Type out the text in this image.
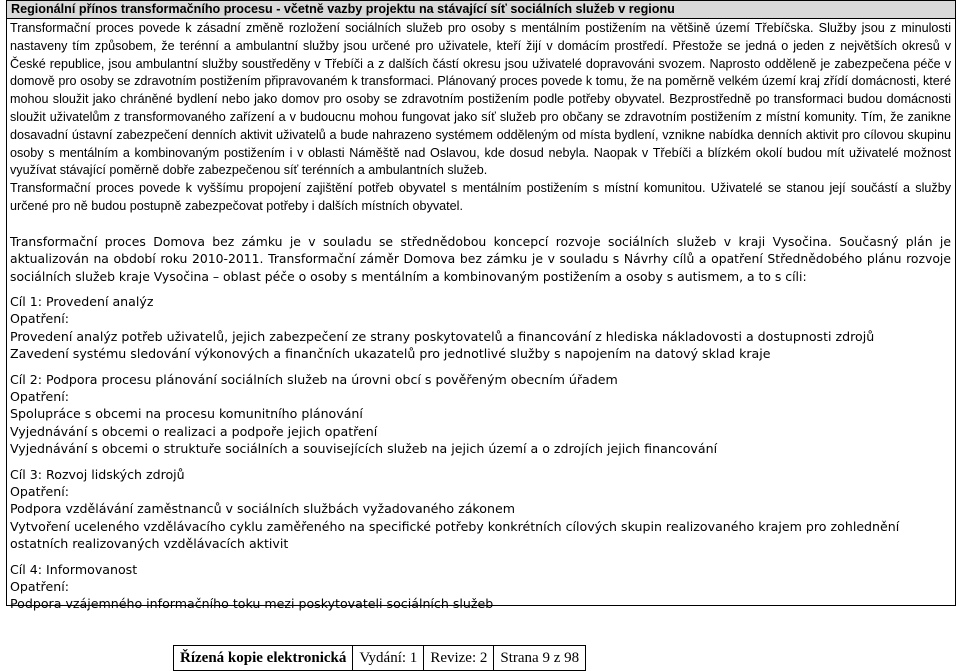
Regionální přínos transformačního procesu - včetně vazby projektu na stávající síť sociálních služeb v regionu

Transformační proces povede k zásadní změně rozložení sociálních služeb pro osoby s mentálním postižením na většině území Třebíčska. Služby jsou z minulosti nastaveny tím způsobem, že terénní a ambulantní služby jsou určené pro uživatele, kteří žijí v domácím prostředí. Přestože se jedná o jeden z největších okresů v České republice, jsou ambulantní služby soustředěny v Třebíči a z dalších částí okresu jsou uživatelé dopravováni svozem. Naprosto odděleně je zabezpečena péče v domově pro osoby se zdravotním postižením připravovaném k transformaci. Plánovaný proces povede k tomu, že na poměrně velkém území kraj zřídí domácnosti, které mohou sloužit jako chráněné bydlení nebo jako domov pro osoby se zdravotním postižením podle potřeby obyvatel. Bezprostředně po transformaci budou domácnosti sloužit uživatelům z transformovaného zařízení a v budoucnu mohou fungovat jako síť služeb pro občany se zdravotním postižením z místní komunity. Tím, že zanikne dosavadní ústavní zabezpečení denních aktivit uživatelů a bude nahrazeno systémem odděleným od místa bydlení, vznikne nabídka denních aktivit pro cílovou skupinu osoby s mentálním a kombinovaným postižením i v oblasti Náměště nad Oslavou, kde dosud nebyla. Naopak v Třebíči a blízkém okolí budou mít uživatelé možnost využívat stávající poměrně dobře zabezpečenou síť terénních a ambulantních služeb.

Transformační proces povede k vyššímu propojení zajištění potřeb obyvatel s mentálním postižením s místní komunitou. Uživatelé se stanou její součástí a služby určené pro ně budou postupně zabezpečovat potřeby i dalších místních obyvatel.

Transformační proces Domova bez zámku je v souladu se střednědobou koncepcí rozvoje sociálních služeb v kraji Vysočina. Současný plán je aktualizován na období roku 2010-2011. Transformační záměr Domova bez zámku je v souladu s Návrhy cílů a opatření Střednědobého plánu rozvoje sociálních služeb kraje Vysočina – oblast péče o osoby s mentálním a kombinovaným postižením a osoby s autismem, a to s cíli:

Cíl 1: Provedení analýz

Opatření:

Provedení analýz potřeb uživatelů, jejich zabezpečení ze strany poskytovatelů a financování z hlediska nákladovosti a dostupnosti zdrojů

Zavedení systému sledování výkonových a finančních ukazatelů pro jednotlivé služby s napojením na datový sklad kraje

Cíl 2: Podpora procesu plánování sociálních služeb na úrovni obcí s pověřeným obecním úřadem

Opatření:

Spolupráce s obcemi na procesu komunitního plánování

Vyjednávání s obcemi o realizaci a podpoře jejich opatření

Vyjednávání s obcemi o struktuře sociálních a souvisejících služeb na jejich území a o zdrojích jejich financování

Cíl 3: Rozvoj lidských zdrojů

Opatření:

Podpora vzdělávání zaměstnanců v sociálních službách vyžadovaného zákonem

Vytvoření uceleného vzdělávacího cyklu zaměřeného na specifické potřeby konkrétních cílových skupin realizovaného krajem pro zohlednění ostatních realizovaných vzdělávacích aktivit

Cíl 4: Informovanost

Opatření:

Podpora vzájemného informačního toku mezi poskytovateli sociálních služeb

Řízená kopie elektronická	Vydání: 1	Revize: 2	Strana 9 z 98
